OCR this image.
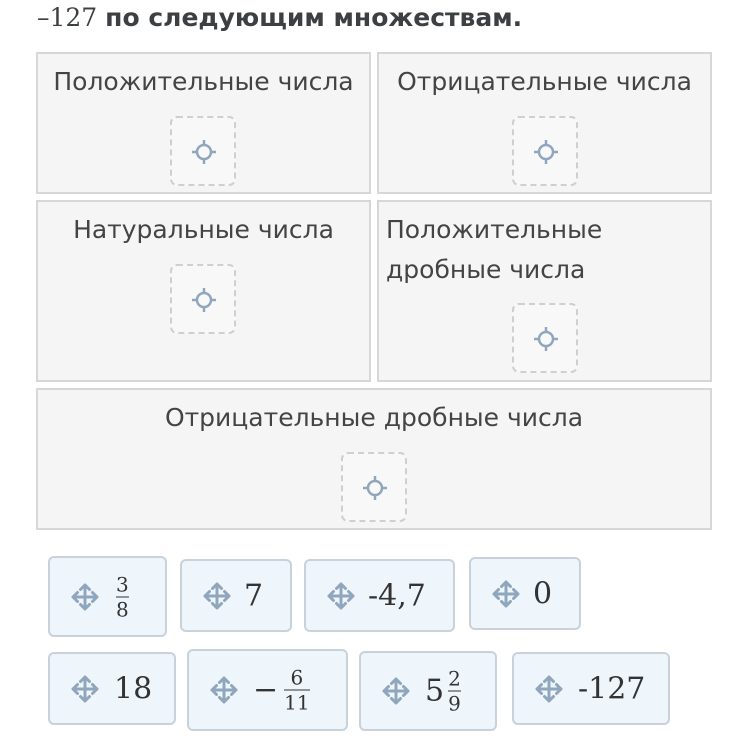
–127 по следующим множествам.
Положительные числа	Отрицательные числа
Натуральные числа	Положительные дробные числа
Отрицательные дробные числа
$\frac{3}{8}$	7	-4,7	0
18	− $\frac{6}{11}$	$5 \frac{2}{9}$	-127
